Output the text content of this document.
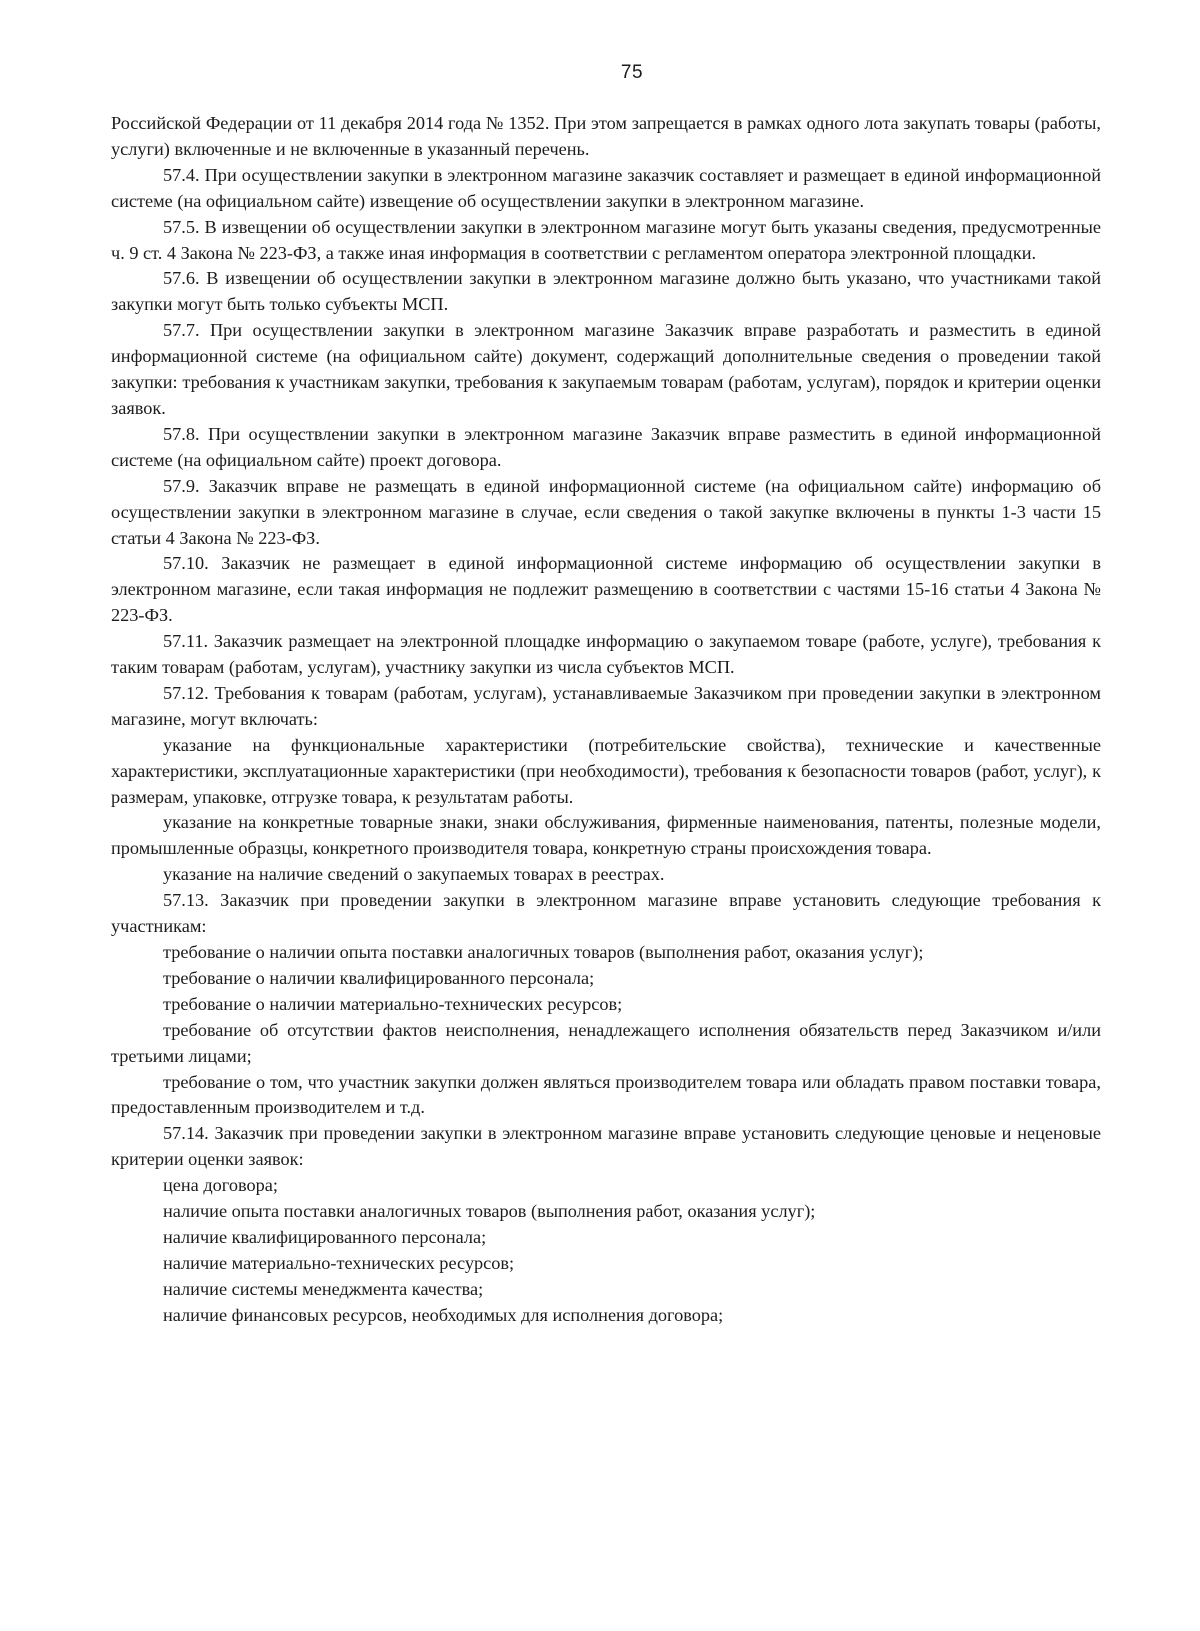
75

Российской Федерации от 11 декабря 2014 года № 1352. При этом запрещается в рамках одного лота закупать товары (работы, услуги) включенные и не включенные в указанный перечень.

57.4. При осуществлении закупки в электронном магазине заказчик составляет и размещает в единой информационной системе (на официальном сайте) извещение об осуществлении закупки в электронном магазине.

57.5. В извещении об осуществлении закупки в электронном магазине могут быть указаны сведения, предусмотренные ч. 9 ст. 4 Закона № 223-ФЗ, а также иная информация в соответствии с регламентом оператора электронной площадки.

57.6. В извещении об осуществлении закупки в электронном магазине должно быть указано, что участниками такой закупки могут быть только субъекты МСП.

57.7. При осуществлении закупки в электронном магазине Заказчик вправе разработать и разместить в единой информационной системе (на официальном сайте) документ, содержащий дополнительные сведения о проведении такой закупки: требования к участникам закупки, требования к закупаемым товарам (работам, услугам), порядок и критерии оценки заявок.

57.8. При осуществлении закупки в электронном магазине Заказчик вправе разместить в единой информационной системе (на официальном сайте) проект договора.

57.9. Заказчик вправе не размещать в единой информационной системе (на официальном сайте) информацию об осуществлении закупки в электронном магазине в случае, если сведения о такой закупке включены в пункты 1-3 части 15 статьи 4 Закона № 223-ФЗ.

57.10. Заказчик не размещает в единой информационной системе информацию об осуществлении закупки в электронном магазине, если такая информация не подлежит размещению в соответствии с частями 15-16 статьи 4 Закона № 223-ФЗ.

57.11. Заказчик размещает на электронной площадке информацию о закупаемом товаре (работе, услуге), требования к таким товарам (работам, услугам), участнику закупки из числа субъектов МСП.

57.12. Требования к товарам (работам, услугам), устанавливаемые Заказчиком при проведении закупки в электронном магазине, могут включать:

указание на функциональные характеристики (потребительские свойства), технические и качественные характеристики, эксплуатационные характеристики (при необходимости), требования к безопасности товаров (работ, услуг), к размерам, упаковке, отгрузке товара, к результатам работы.

указание на конкретные товарные знаки, знаки обслуживания, фирменные наименования, патенты, полезные модели, промышленные образцы, конкретного производителя товара, конкретную страны происхождения товара.

указание на наличие сведений о закупаемых товарах в реестрах.

57.13. Заказчик при проведении закупки в электронном магазине вправе установить следующие требования к участникам:

требование о наличии опыта поставки аналогичных товаров (выполнения работ, оказания услуг);

требование о наличии квалифицированного персонала;

требование о наличии материально-технических ресурсов;

требование об отсутствии фактов неисполнения, ненадлежащего исполнения обязательств перед Заказчиком и/или третьими лицами;

требование о том, что участник закупки должен являться производителем товара или обладать правом поставки товара, предоставленным производителем и т.д.

57.14. Заказчик при проведении закупки в электронном магазине вправе установить следующие ценовые и неценовые критерии оценки заявок:

цена договора;

наличие опыта поставки аналогичных товаров (выполнения работ, оказания услуг);

наличие квалифицированного персонала;

наличие материально-технических ресурсов;

наличие системы менеджмента качества;

наличие финансовых ресурсов, необходимых для исполнения договора;
